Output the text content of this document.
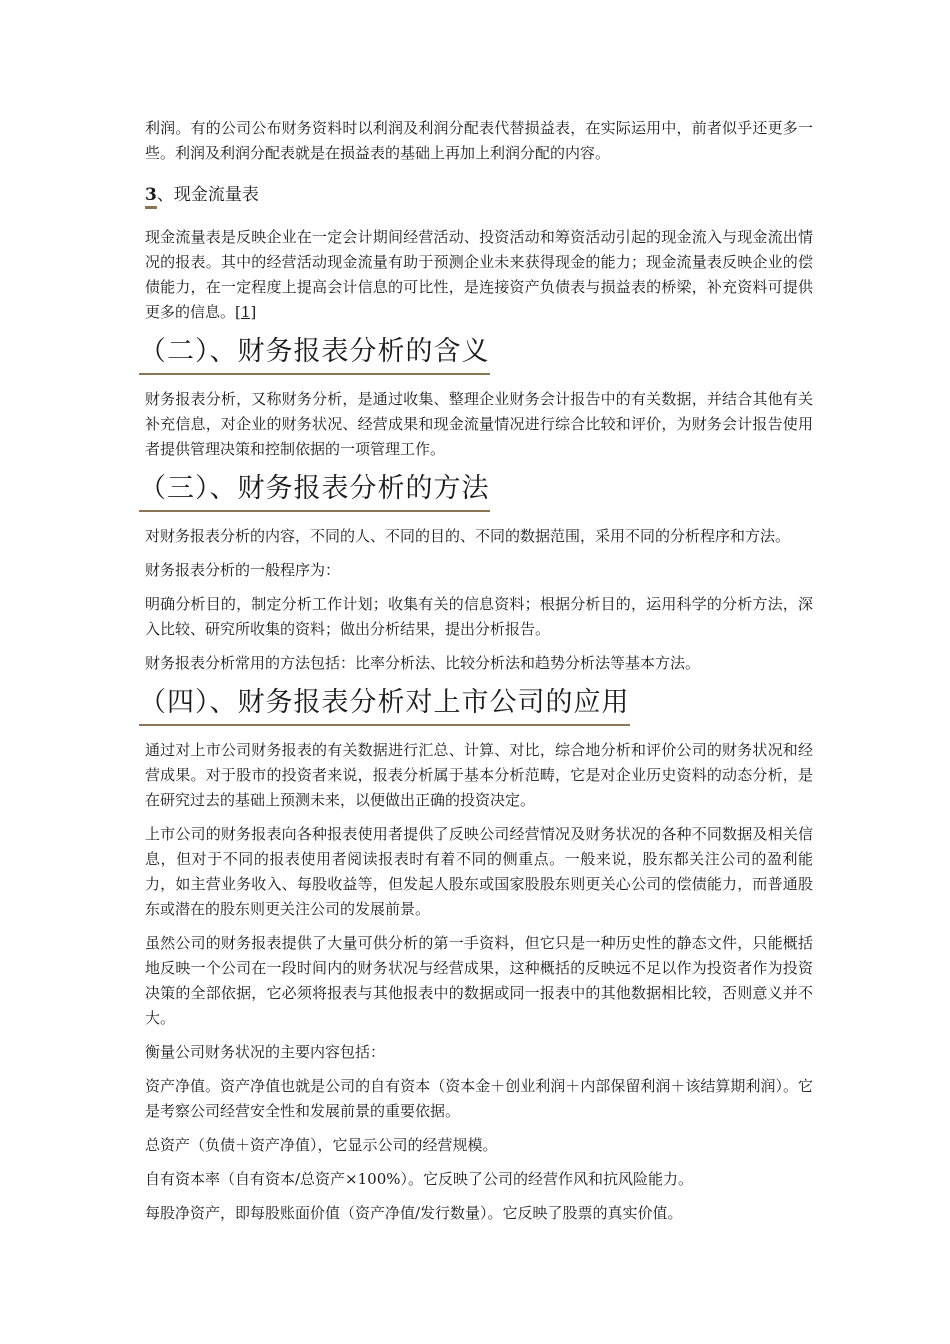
利润。有的公司公布财务资料时以利润及利润分配表代替损益表，在实际运用中，前者似乎还更多一些。利润及利润分配表就是在损益表的基础上再加上利润分配的内容。

3、现金流量表

现金流量表是反映企业在一定会计期间经营活动、投资活动和筹资活动引起的现金流入与现金流出情况的报表。其中的经营活动现金流量有助于预测企业未来获得现金的能力；现金流量表反映企业的偿债能力，在一定程度上提高会计信息的可比性，是连接资产负债表与损益表的桥梁，补充资料可提供更多的信息。[1]

（二）、财务报表分析的含义

财务报表分析，又称财务分析，是通过收集、整理企业财务会计报告中的有关数据，并结合其他有关补充信息，对企业的财务状况、经营成果和现金流量情况进行综合比较和评价，为财务会计报告使用者提供管理决策和控制依据的一项管理工作。

（三）、财务报表分析的方法

对财务报表分析的内容，不同的人、不同的目的、不同的数据范围，采用不同的分析程序和方法。

财务报表分析的一般程序为：

明确分析目的，制定分析工作计划；收集有关的信息资料；根据分析目的，运用科学的分析方法，深入比较、研究所收集的资料；做出分析结果，提出分析报告。

财务报表分析常用的方法包括：比率分析法、比较分析法和趋势分析法等基本方法。

（四）、财务报表分析对上市公司的应用

通过对上市公司财务报表的有关数据进行汇总、计算、对比，综合地分析和评价公司的财务状况和经营成果。对于股市的投资者来说，报表分析属于基本分析范畴，它是对企业历史资料的动态分析，是在研究过去的基础上预测未来，以便做出正确的投资决定。

上市公司的财务报表向各种报表使用者提供了反映公司经营情况及财务状况的各种不同数据及相关信息，但对于不同的报表使用者阅读报表时有着不同的侧重点。一般来说，股东都关注公司的盈利能力，如主营业务收入、每股收益等，但发起人股东或国家股股东则更关心公司的偿债能力，而普通股东或潜在的股东则更关注公司的发展前景。

虽然公司的财务报表提供了大量可供分析的第一手资料，但它只是一种历史性的静态文件，只能概括地反映一个公司在一段时间内的财务状况与经营成果，这种概括的反映远不足以作为投资者作为投资决策的全部依据，它必须将报表与其他报表中的数据或同一报表中的其他数据相比较，否则意义并不大。

衡量公司财务状况的主要内容包括：

资产净值。资产净值也就是公司的自有资本（资本金＋创业利润＋内部保留利润＋该结算期利润）。它是考察公司经营安全性和发展前景的重要依据。

总资产（负债＋资产净值），它显示公司的经营规模。

自有资本率（自有资本/总资产×100%）。它反映了公司的经营作风和抗风险能力。

每股净资产，即每股账面价值（资产净值/发行数量）。它反映了股票的真实价值。
